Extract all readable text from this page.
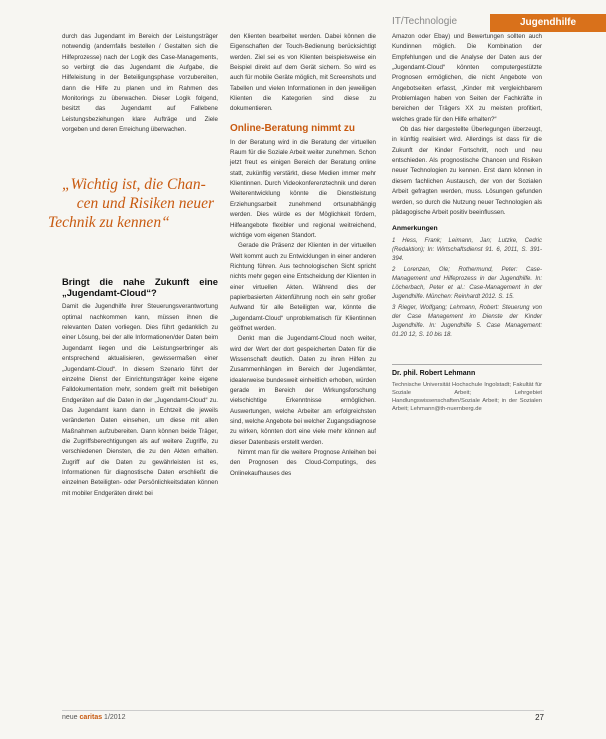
IT/Technologie	Jugendhilfe

durch das Jugendamt im Bereich der Leistungsträger notwendig (andernfalls bestellen / Gestalten sich die Hilfeprozesse) nach der Logik des Case-Managements, so verbirgt die das Jugendamt die Aufgabe, die Hilfeleistung in der Beteiligungsphase vorzubereiten, dann die Hilfe zu planen und im Rahmen des Monitorings zu überwachen. Dieser Logik folgend, besitzt das Jugendamt auf Fallebene Leistungsbeziehungen klare Aufträge und Ziele vorgeben und deren Erreichung überwachen.

„Wichtig ist, die Chan-
cen und Risiken neuer
Technik zu kennen“
Bringt die nahe Zukunft eine „Jugendamt-Cloud“?

Damit die Jugendhilfe ihrer Steuerungsverantwortung optimal nachkommen kann, müssen ihnen die relevanten Daten vorliegen. Dies führt gedanklich zu einer Lösung, bei der alle Informationen/der Daten beim Jugendamt liegen und die Leistungserbringer als entsprechend aktualisieren, gewissermaßen einer „Jugendamt-Cloud“. In diesem Szenario führt der einzelne Dienst der Einrichtungsträger keine eigene Falldokumentation mehr, sondern greift mit beliebigen Endgeräten auf die Daten in der „Jugendamt-Cloud“ zu. Das Jugendamt kann dann in Echtzeit die jeweils veränderten Daten einsehen, um diese mit allen Maßnahmen aufzubereiten. Dann können beide Träger, die Zugriffsberechtigungen als auf weitere Zugriffe, zu verschiedenen Diensten, die zu den Akten erhalten. Zugriff auf die Daten zu gewährleisten ist es, Informationen für diagnostische Daten erschließt die einzelnen Beteiligten- oder Persönlichkeitsdaten können mit mobiler Endgeräten direkt bei

den Klienten bearbeitet werden. Dabei können die Eigenschaften der Touch-Bedienung berücksichtigt werden. Ziel sei es von Klienten beispielsweise ein Beispiel direkt auf dem Gerät sichern. So wird es auch für mobile Geräte möglich, mit Screenshots und Tabellen und vielen Informationen in den jeweiligen Klienten die Kategorien sind diese zu dokumentieren.

Online-Beratung nimmt zu

In der Beratung wird in die Beratung der virtuellen Raum für die Soziale Arbeit weiter zunehmen. Schon jetzt freut es einigen Bereich der Beratung online statt, zukünftig verstärkt, diese Medien immer mehr Klientinnen. Durch Videokonferenztechnik und deren Weiterentwicklung könnte die Dienstleistung Erziehungsarbeit zunehmend ortsunabhängig werden. Dies würde es der Möglichkeit fördern, Hilfeangebote flexibler und regional weitreichend, wichtige vom eigenen Standort.

Gerade die Präsenz der Klienten in der virtuellen Welt kommt auch zu Entwicklungen in einer anderen Richtung führen. Aus technologischen Sicht spricht nichts mehr gegen eine Entscheidung der Klienten in einer virtuellen Akten. Während dies der papierbasierten Aktenführung noch ein sehr großer Aufwand für alle Beteiligten war, könnte die „Jugendamt-Cloud“ unproblematisch für Klientinnen geöffnet werden.

Denkt man die Jugendamt-Cloud noch weiter, wird der Wert der dort gespeicherten Daten für die Wissenschaft deutlich. Daten zu ihren Hilfen zu Zusammenhängen im Bereich der Jugendämter, idealerweise bundesweit einheitlich erhoben, würden gerade im Bereich der Wirkungsforschung vielschichtige Erkenntnisse ermöglichen. Auswertungen, welche Arbeiter am erfolgreichsten sind, welche Angebote bei welcher Zugangsdiagnose zu wirken, könnten dort eine viele mehr können auf dieser Datenbasis erstellt werden.

Nimmt man für die weitere Prognose Anleihen bei den Prognosen des Cloud-Computings, des Onlinekaufhauses des

Amazon oder Ebay) und Bewertungen sollten auch Kundinnen möglich. Die Kombination der Empfehlungen und die Analyse der Daten aus der „Jugendamt-Cloud“ könnten computergestützte Prognosen ermöglichen, die nicht Angebote von Angebotseiten erfasst, „Kinder mit vergleichbarem Problemlagen haben von Seiten der Fachkräfte in bereichen der Trägers XX zu meisten profitiert, welches grade für den Hilfe erhalten?“

Ob das hier dargestellte Überlegungen überzeugt, in künftig realisiert wird. Allerdings ist dass für die Zukunft der Kinder Fortschritt, noch und neu entschieden. Als prognostische Chancen und Risiken neuer Technologien zu kennen. Erst dann können in diesem fachlichen Austausch, der von der Sozialen Arbeit gefragten werden, muss. Lösungen gefunden werden, so durch die Nutzung neuer Technologien als pädagogische Arbeit positiv beeinflussen.

Anmerkungen

1 Hess, Frank; Leimann, Jan; Lutzke, Cedric (Redaktion); In: Wirtschaftsdienst 91. 6, 2011, S. 391-394.

2 Lorenzen, Ole; Rothermund, Peter: Case-Management und Hilfeprozess in der Jugendhilfe. In: Löcherbach, Peter et al.: Case-Management in der Jugendhilfe. München: Reinhardt 2012. S. 15.

3 Rieger, Wolfgang; Lehmann, Robert: Steuerung von der Case Management im Dienste der Kinder Jugendhilfe. In: Jugendhilfe 5. Case Management: 01.20 12, S. 10 bis 18.

Dr. phil. Robert Lehmann
Technische Universität Hochschule Ingolstadt; Fakultät für Soziale Arbeit; Lehrgebiet Handlungswissenschaften/Soziale Arbeit; in der Sozialen Arbeit; Lehmann@th-nuernberg.de
neue caritas 1/2012	27
